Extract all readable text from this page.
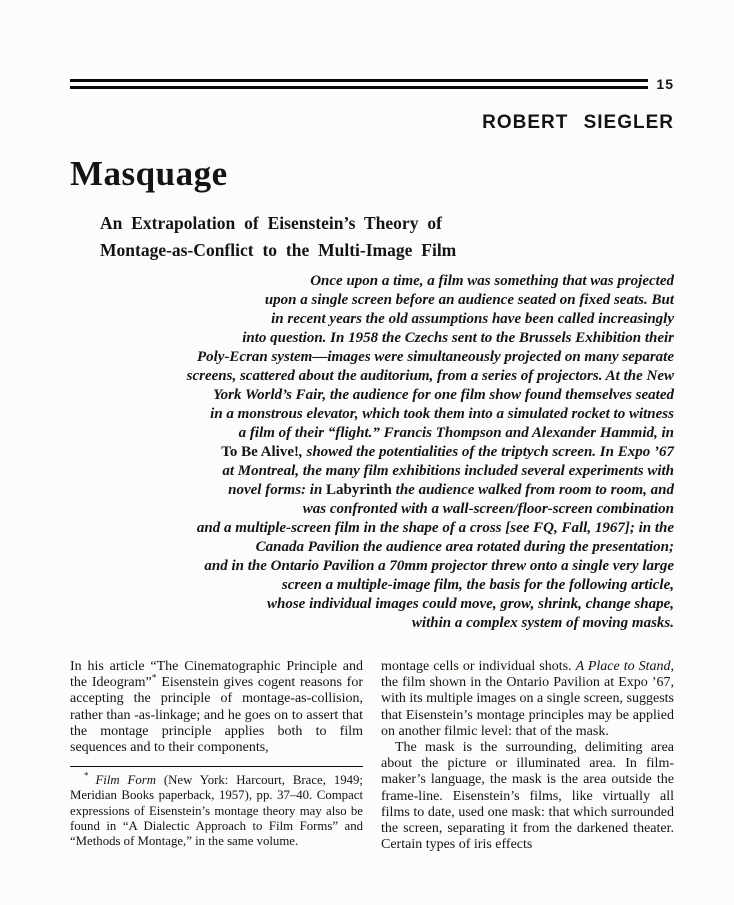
15
ROBERT SIEGLER
Masquage
An Extrapolation of Eisenstein’s Theory of
Montage-as-Conflict to the Multi-Image Film
Once upon a time, a film was something that was projected
upon a single screen before an audience seated on fixed seats. But
in recent years the old assumptions have been called increasingly
into question. In 1958 the Czechs sent to the Brussels Exhibition their
Poly-Ecran system—images were simultaneously projected on many separate
screens, scattered about the auditorium, from a series of projectors. At the New
York World’s Fair, the audience for one film show found themselves seated
in a monstrous elevator, which took them into a simulated rocket to witness
a film of their “flight.” Francis Thompson and Alexander Hammid, in
To Be Alive!, showed the potentialities of the triptych screen. In Expo ’67
at Montreal, the many film exhibitions included several experiments with
novel forms: in Labyrinth the audience walked from room to room, and
was confronted with a wall-screen/floor-screen combination
and a multiple-screen film in the shape of a cross [see FQ, Fall, 1967]; in the
Canada Pavilion the audience area rotated during the presentation;
and in the Ontario Pavilion a 70mm projector threw onto a single very large
screen a multiple-image film, the basis for the following article,
whose individual images could move, grow, shrink, change shape,
within a complex system of moving masks.

In his article “The Cinematographic Principle and the Ideogram”* Eisenstein gives cogent reasons for accepting the principle of montage-as-collision, rather than -as-linkage; and he goes on to assert that the montage principle applies both to film sequences and to their components,

* Film Form (New York: Harcourt, Brace, 1949; Meridian Books paperback, 1957), pp. 37–40. Compact expressions of Eisenstein’s montage theory may also be found in “A Dialectic Approach to Film Forms” and “Methods of Montage,” in the same volume.

montage cells or individual shots. A Place to Stand, the film shown in the Ontario Pavilion at Expo ’67, with its multiple images on a single screen, suggests that Eisenstein’s montage principles may be applied on another filmic level: that of the mask.

The mask is the surrounding, delimiting area about the picture or illuminated area. In film-maker’s language, the mask is the area outside the frame-line. Eisenstein’s films, like virtually all films to date, used one mask: that which surrounded the screen, separating it from the darkened theater. Certain types of iris effects
